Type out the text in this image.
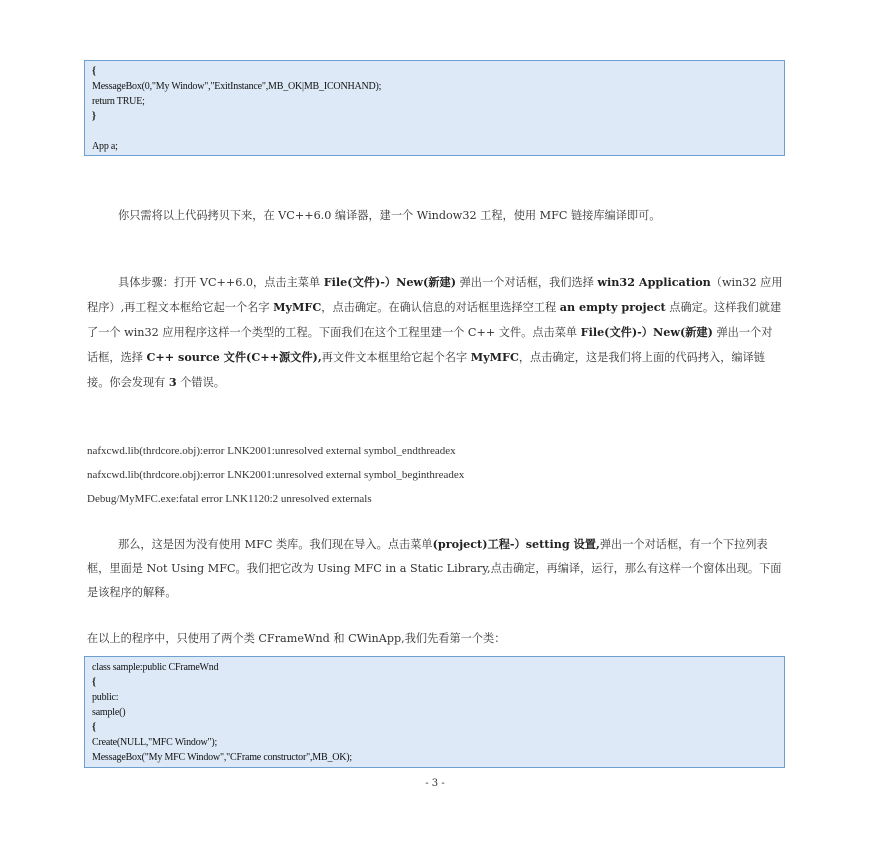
{
MessageBox(0,"My Window","ExitInstance",MB_OK|MB_ICONHAND);
return TRUE;
}
App a;

你只需将以上代码拷贝下来，在 VC++6.0 编译器，建一个 Window32 工程，使用 MFC 链接库编译即可。

具体步骤：打开 VC++6.0，点击主菜单 File(文件)-）New(新建) 弹出一个对话框，我们选择 win32 Application（win32 应用程序）,再工程文本框给它起一个名字 MyMFC，点击确定。在确认信息的对话框里选择空工程 an empty project 点确定。这样我们就建了一个 win32 应用程序这样一个类型的工程。下面我们在这个工程里建一个 C++ 文件。点击菜单 File(文件)-）New(新建) 弹出一个对话框，选择 C++ source 文件(C++源文件),再文件文本框里给它起个名字 MyMFC，点击确定，这是我们将上面的代码拷入，编译链接。你会发现有 3 个错误。

nafxcwd.lib(thrdcore.obj):error LNK2001:unresolved external symbol_endthreadex
nafxcwd.lib(thrdcore.obj):error LNK2001:unresolved external symbol_beginthreadex
Debug/MyMFC.exe:fatal error LNK1120:2 unresolved externals

那么，这是因为没有使用 MFC 类库。我们现在导入。点击菜单(project)工程-）setting 设置,弹出一个对话框，有一个下拉列表框，里面是 Not Using MFC。我们把它改为 Using MFC in a Static Library,点击确定，再编译，运行，那么有这样一个窗体出现。下面是该程序的解释。

在以上的程序中，只使用了两个类 CFrameWnd 和 CWinApp,我们先看第一个类：

class sample:public CFrameWnd
{
public:
sample()
{
Create(NULL,"MFC Window");
MessageBox("My MFC Window","CFrame constructor",MB_OK);
- 3 -
